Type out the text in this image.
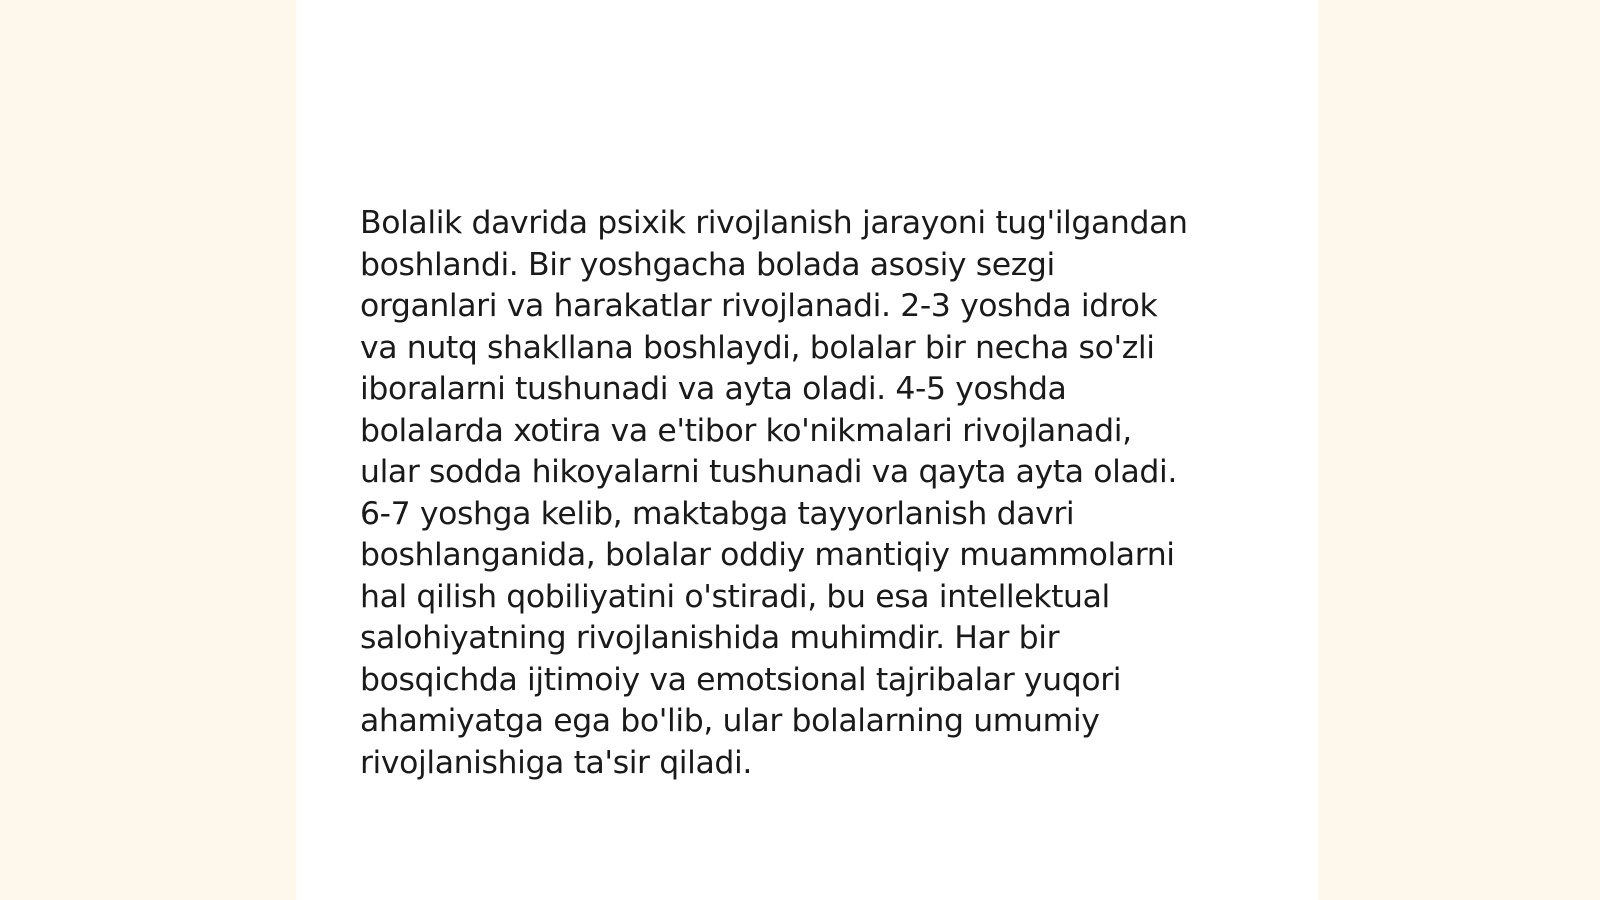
Bolalik davrida psixik rivojlanish jarayoni tug'ilgandan
boshlandi. Bir yoshgacha bolada asosiy sezgi
organlari va harakatlar rivojlanadi. 2-3 yoshda idrok
va nutq shakllana boshlaydi, bolalar bir necha so'zli
iboralarni tushunadi va ayta oladi. 4-5 yoshda
bolalarda xotira va e'tibor ko'nikmalari rivojlanadi,
ular sodda hikoyalarni tushunadi va qayta ayta oladi.
6-7 yoshga kelib, maktabga tayyorlanish davri
boshlanganida, bolalar oddiy mantiqiy muammolarni
hal qilish qobiliyatini o'stiradi, bu esa intellektual
salohiyatning rivojlanishida muhimdir. Har bir
bosqichda ijtimoiy va emotsional tajribalar yuqori
ahamiyatga ega bo'lib, ular bolalarning umumiy
rivojlanishiga ta'sir qiladi.
